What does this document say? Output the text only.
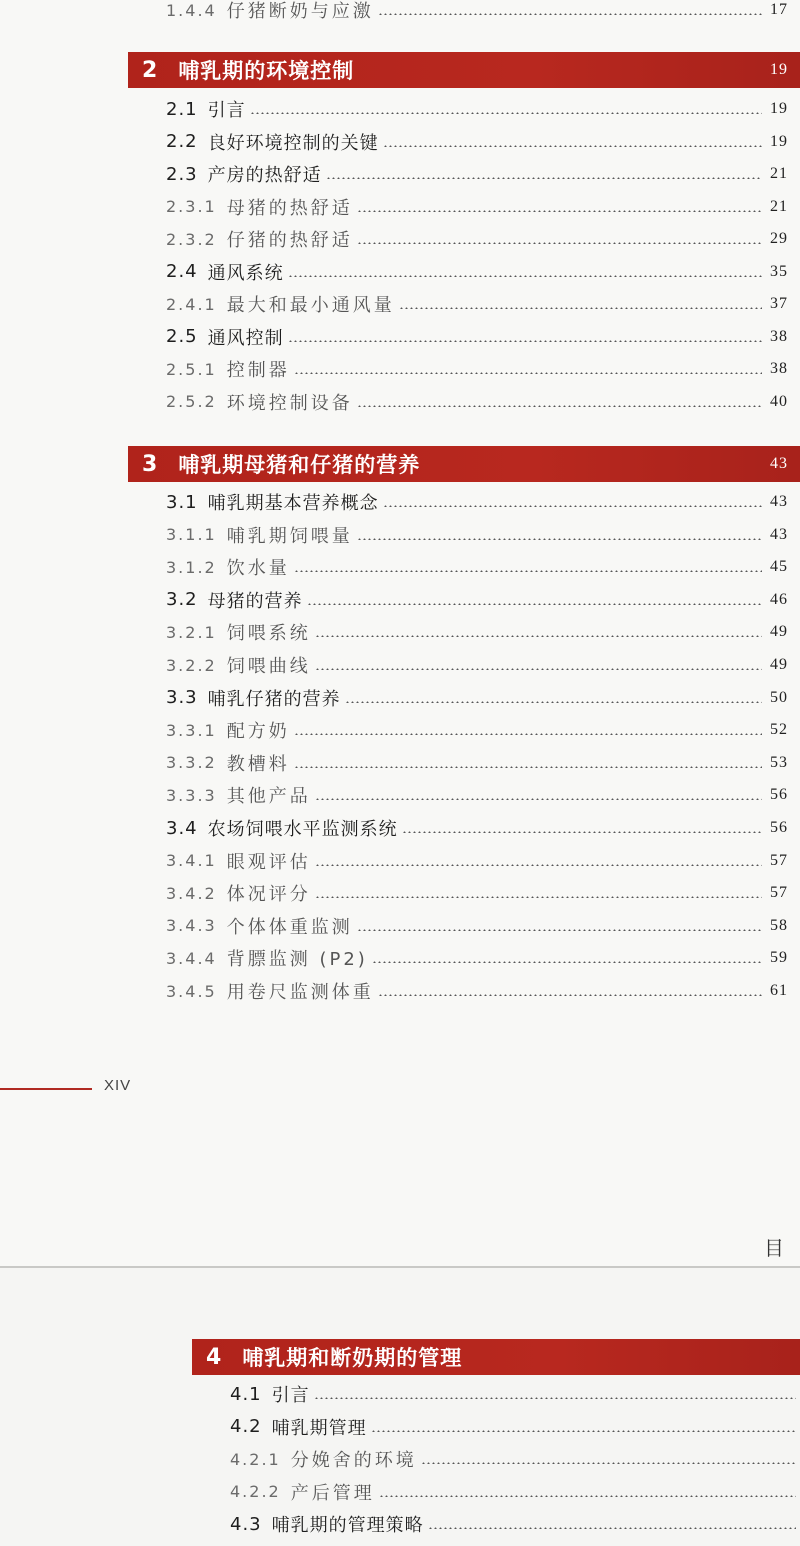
1.4.4 仔猪断奶与应激	17
2 哺乳期的环境控制	19
2.1 引言	19
2.2 良好环境控制的关键	19
2.3 产房的热舒适	21
2.3.1 母猪的热舒适	21
2.3.2 仔猪的热舒适	29
2.4 通风系统	35
2.4.1 最大和最小通风量	37
2.5 通风控制	38
2.5.1 控制器	38
2.5.2 环境控制设备	40
3 哺乳期母猪和仔猪的营养	43
3.1 哺乳期基本营养概念	43
3.1.1 哺乳期饲喂量	43
3.1.2 饮水量	45
3.2 母猪的营养	46
3.2.1 饲喂系统	49
3.2.2 饲喂曲线	49
3.3 哺乳仔猪的营养	50
3.3.1 配方奶	52
3.3.2 教槽料	53
3.3.3 其他产品	56
3.4 农场饲喂水平监测系统	56
3.4.1 眼观评估	57
3.4.2 体况评分	57
3.4.3 个体体重监测	58
3.4.4 背膘监测 (P2)	59
3.4.5 用卷尺监测体重	61
XIV
目
4 哺乳期和断奶期的管理
4.1 引言
4.2 哺乳期管理
4.2.1 分娩舍的环境
4.2.2 产后管理
4.3 哺乳期的管理策略
